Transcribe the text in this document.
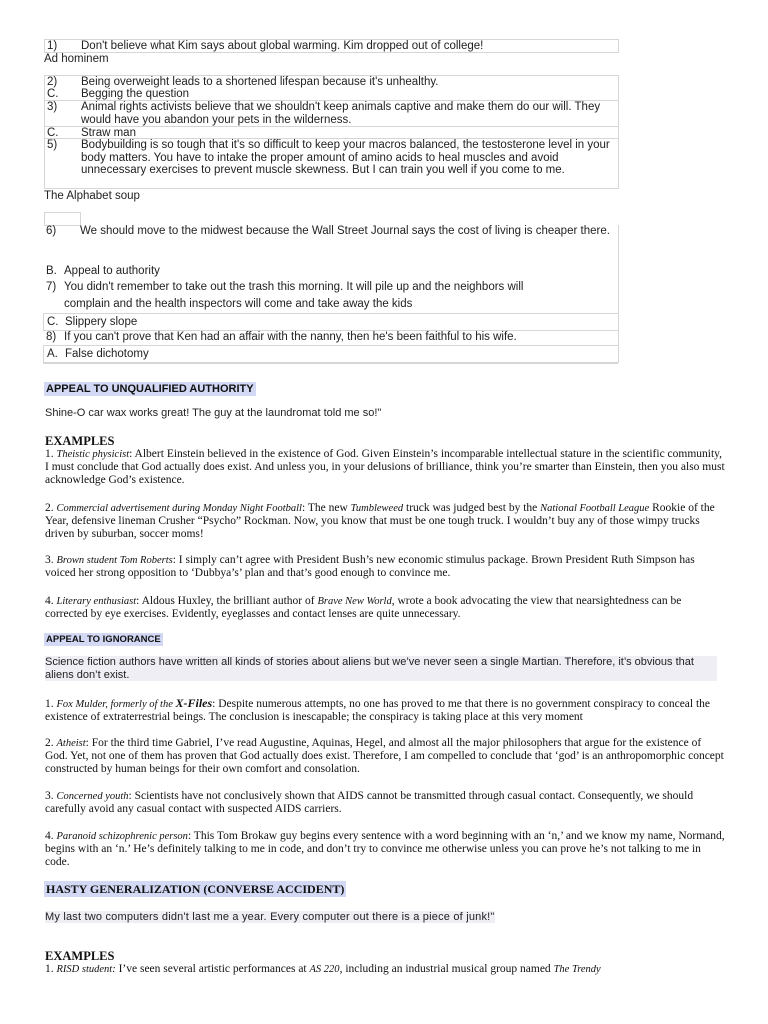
1) Don't believe what Kim says about global warming. Kim dropped out of college!
Ad hominem
2) Being overweight leads to a shortened lifespan because it's unhealthy.
C. Begging the question
3) Animal rights activists believe that we shouldn't keep animals captive and make them do our will. They would have you abandon your pets in the wilderness.
C. Straw man
5) Bodybuilding is so tough that it's so difficult to keep your macros balanced, the testosterone level in your body matters. You have to intake the proper amount of amino acids to heal muscles and avoid unnecessary exercises to prevent muscle skewness. But I can train you well if you come to me.
The Alphabet soup
6) We should move to the midwest because the Wall Street Journal says the cost of living is cheaper there.
B. Appeal to authority
7) You didn't remember to take out the trash this morning. It will pile up and the neighbors will
complain and the health inspectors will come and take away the kids
C. Slippery slope
8) If you can't prove that Ken had an affair with the nanny, then he's been faithful to his wife.
A. False dichotomy
APPEAL TO UNQUALIFIED AUTHORITY
Shine-O car wax works great! The guy at the laundromat told me so!"
EXAMPLES
1. Theistic physicist: Albert Einstein believed in the existence of God. Given Einstein’s incomparable intellectual stature in the scientific community, I must conclude that God actually does exist. And unless you, in your delusions of brilliance, think you’re smarter than Einstein, then you also must acknowledge God’s existence.
2. Commercial advertisement during Monday Night Football: The new Tumbleweed truck was judged best by the National Football League Rookie of the Year, defensive lineman Crusher “Psycho” Rockman. Now, you know that must be one tough truck. I wouldn’t buy any of those wimpy trucks driven by suburban, soccer moms!
3. Brown student Tom Roberts: I simply can’t agree with President Bush’s new economic stimulus package. Brown President Ruth Simpson has voiced her strong opposition to ‘Dubbya’s’ plan and that’s good enough to convince me.
4. Literary enthusiast: Aldous Huxley, the brilliant author of Brave New World, wrote a book advocating the view that nearsightedness can be corrected by eye exercises. Evidently, eyeglasses and contact lenses are quite unnecessary.
APPEAL TO IGNORANCE
Science fiction authors have written all kinds of stories about aliens but we’ve never seen a single Martian. Therefore, it’s obvious that aliens don’t exist.
1. Fox Mulder, formerly of the X-Files: Despite numerous attempts, no one has proved to me that there is no government conspiracy to conceal the existence of extraterrestrial beings. The conclusion is inescapable; the conspiracy is taking place at this very moment
2. Atheist: For the third time Gabriel, I’ve read Augustine, Aquinas, Hegel, and almost all the major philosophers that argue for the existence of God. Yet, not one of them has proven that God actually does exist. Therefore, I am compelled to conclude that ‘god’ is an anthropomorphic concept constructed by human beings for their own comfort and consolation.
3. Concerned youth: Scientists have not conclusively shown that AIDS cannot be transmitted through casual contact. Consequently, we should carefully avoid any casual contact with suspected AIDS carriers.
4. Paranoid schizophrenic person: This Tom Brokaw guy begins every sentence with a word beginning with an ‘n,’ and we know my name, Normand, begins with an ‘n.’ He’s definitely talking to me in code, and don’t try to convince me otherwise unless you can prove he’s not talking to me in code.
HASTY GENERALIZATION (CONVERSE ACCIDENT)
My last two computers didn't last me a year. Every computer out there is a piece of junk!"
EXAMPLES
1. RISD student: I’ve seen several artistic performances at AS 220, including an industrial musical group named The Trendy
